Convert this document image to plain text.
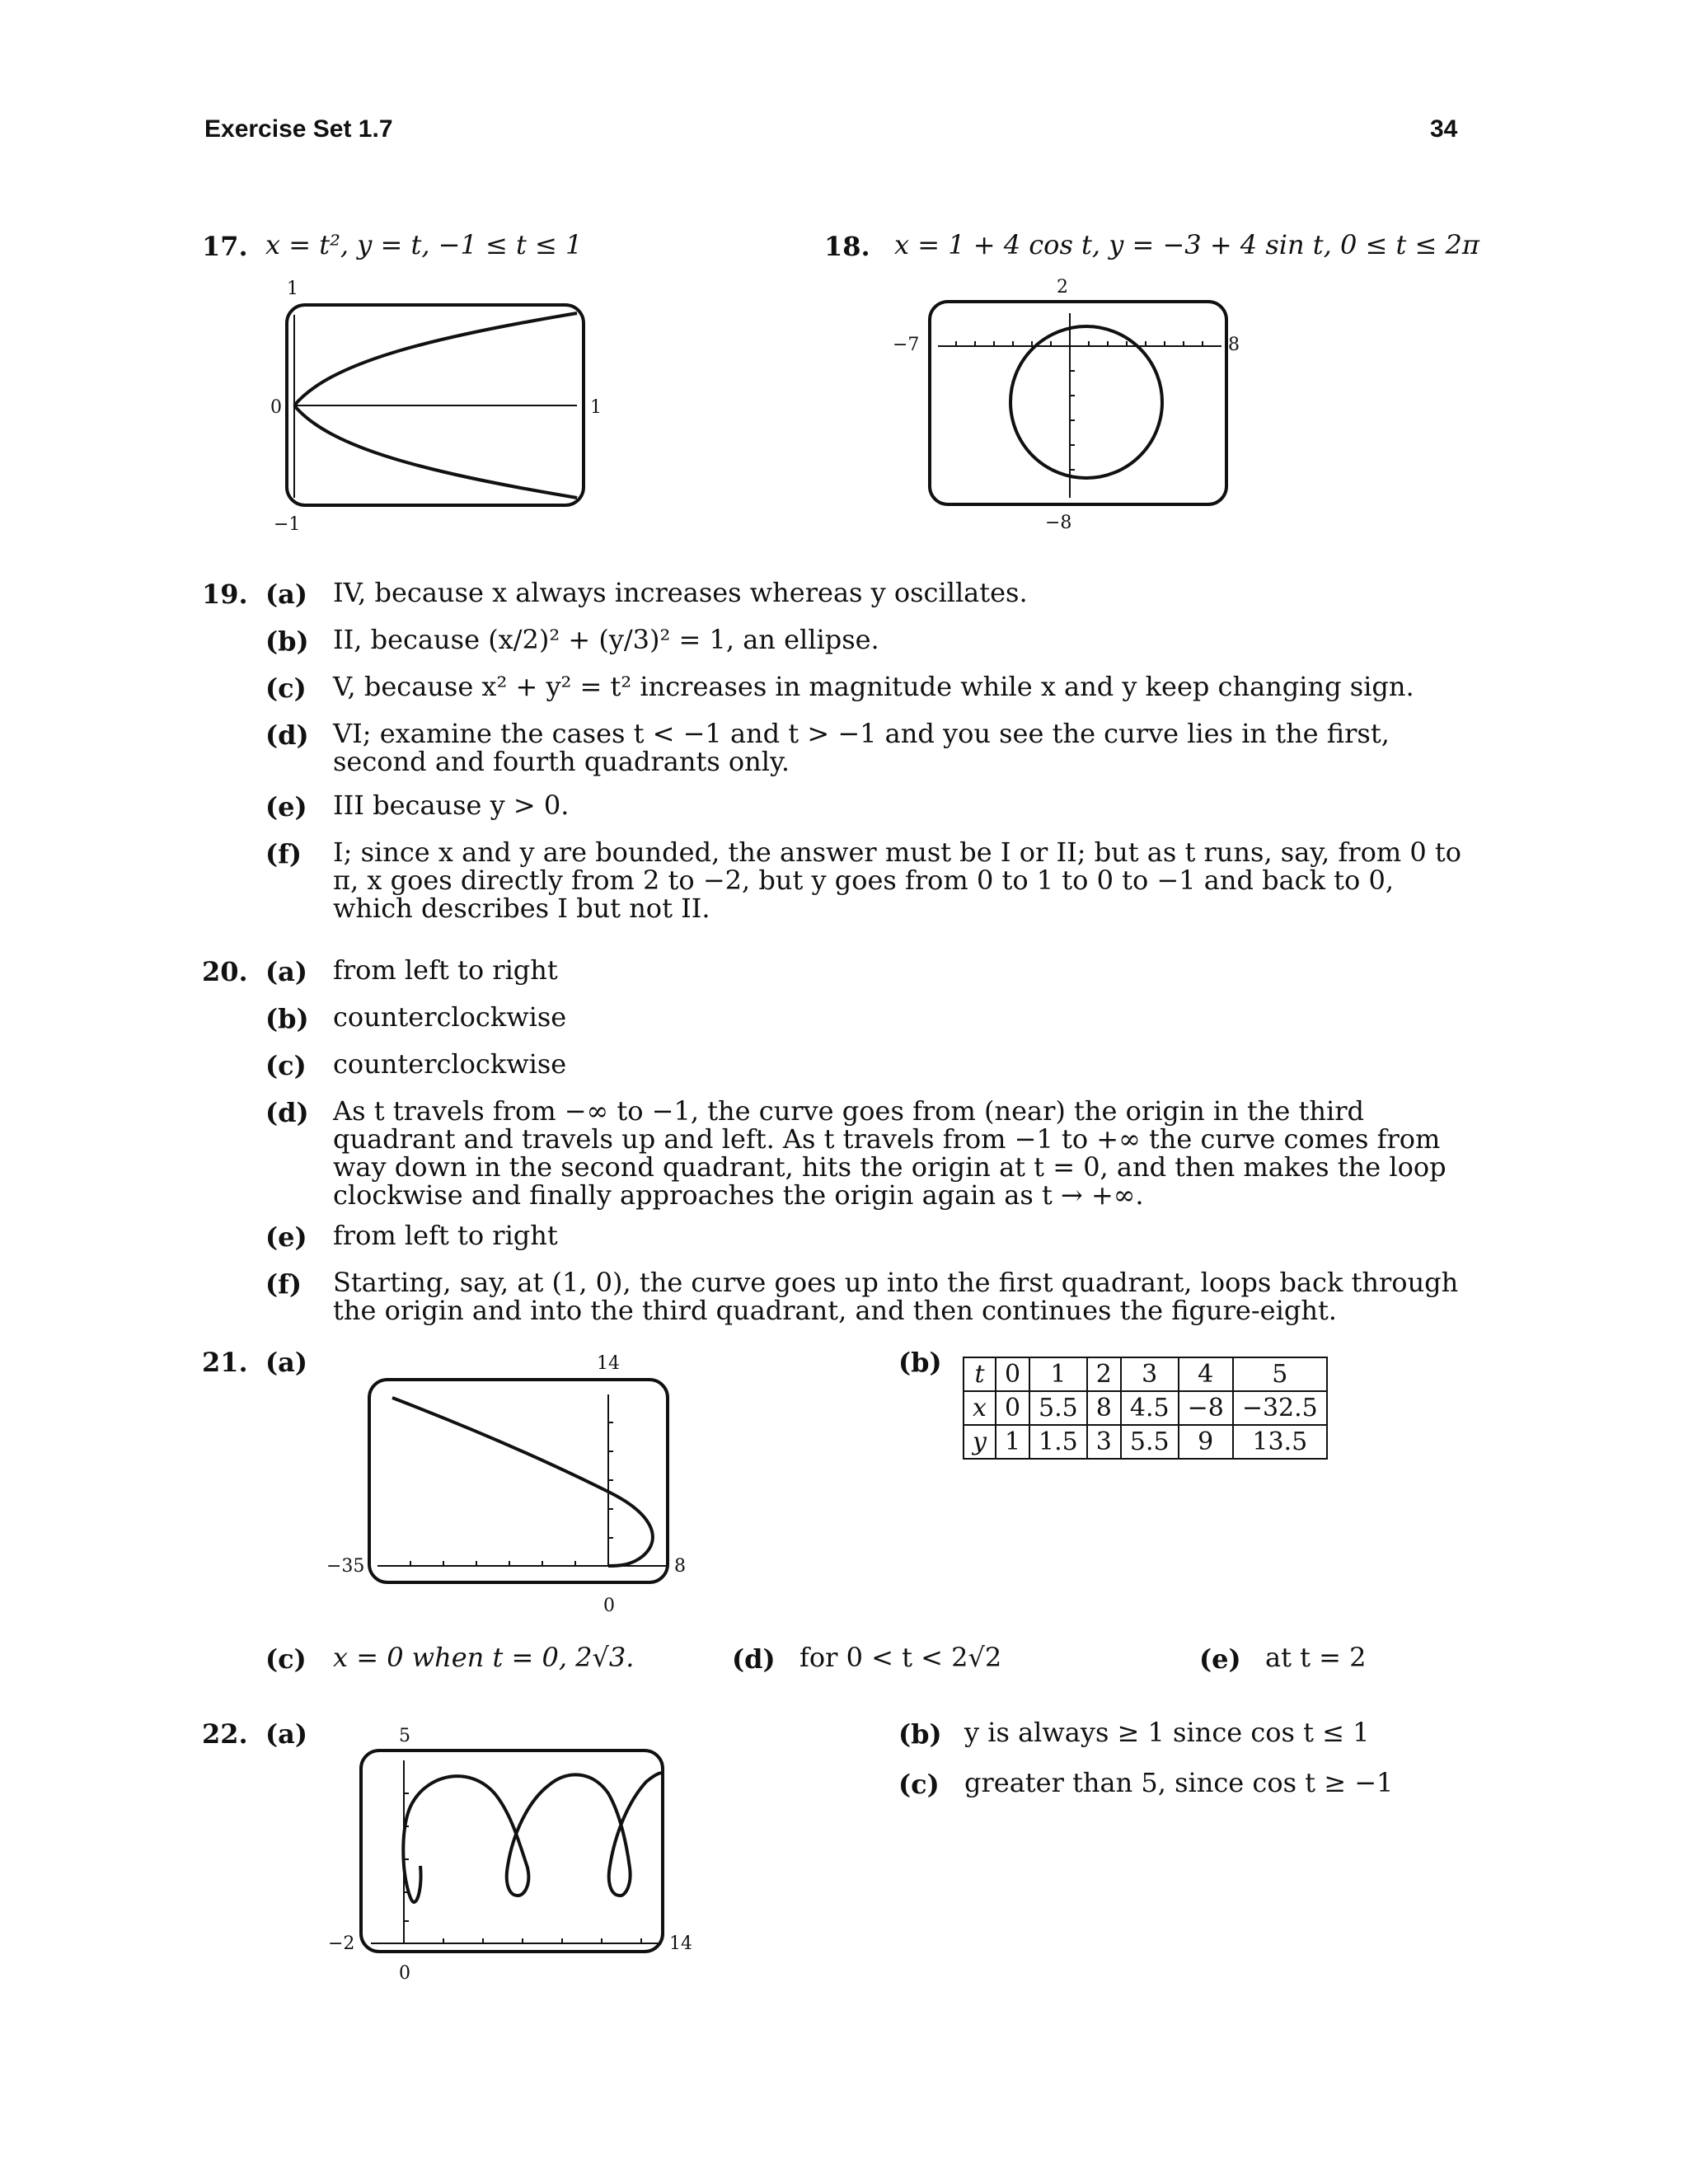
Exercise Set 1.7	34
17. x = t², y = t, −1 ≤ t ≤ 1
1
0	1
−1
18. x = 1 + 4 cos t, y = −3 + 4 sin t, 0 ≤ t ≤ 2π
2
−7	8
−8
19. (a) IV, because x always increases whereas y oscillates.
(b) II, because (x/2)² + (y/3)² = 1, an ellipse.
(c) V, because x² + y² = t² increases in magnitude while x and y keep changing sign.
(d) VI; examine the cases t < −1 and t > −1 and you see the curve lies in the first, second and fourth quadrants only.
(e) III because y > 0.
(f) I; since x and y are bounded, the answer must be I or II; but as t runs, say, from 0 to π, x goes directly from 2 to −2, but y goes from 0 to 1 to 0 to −1 and back to 0, which describes I but not II.
20. (a) from left to right
(b) counterclockwise
(c) counterclockwise
(d) As t travels from −∞ to −1, the curve goes from (near) the origin in the third quadrant and travels up and left. As t travels from −1 to +∞ the curve comes from way down in the second quadrant, hits the origin at t = 0, and then makes the loop clockwise and finally approaches the origin again as t → +∞.
(e) from left to right
(f) Starting, say, at (1, 0), the curve goes up into the first quadrant, loops back through the origin and into the third quadrant, and then continues the figure-eight.
21. (a)	14
−35	8
0
(b) t	0	1	2	3	4	5
x	0	5.5	8	4.5	−8	−32.5
y	1	1.5	3	5.5	9	13.5
(c) x = 0 when t = 0, 2√3.	(d) for 0 < t < 2√2	(e) at t = 2
22. (a)	5
−2	14
0
(b) y is always ≥ 1 since cos t ≤ 1
(c) greater than 5, since cos t ≥ −1
